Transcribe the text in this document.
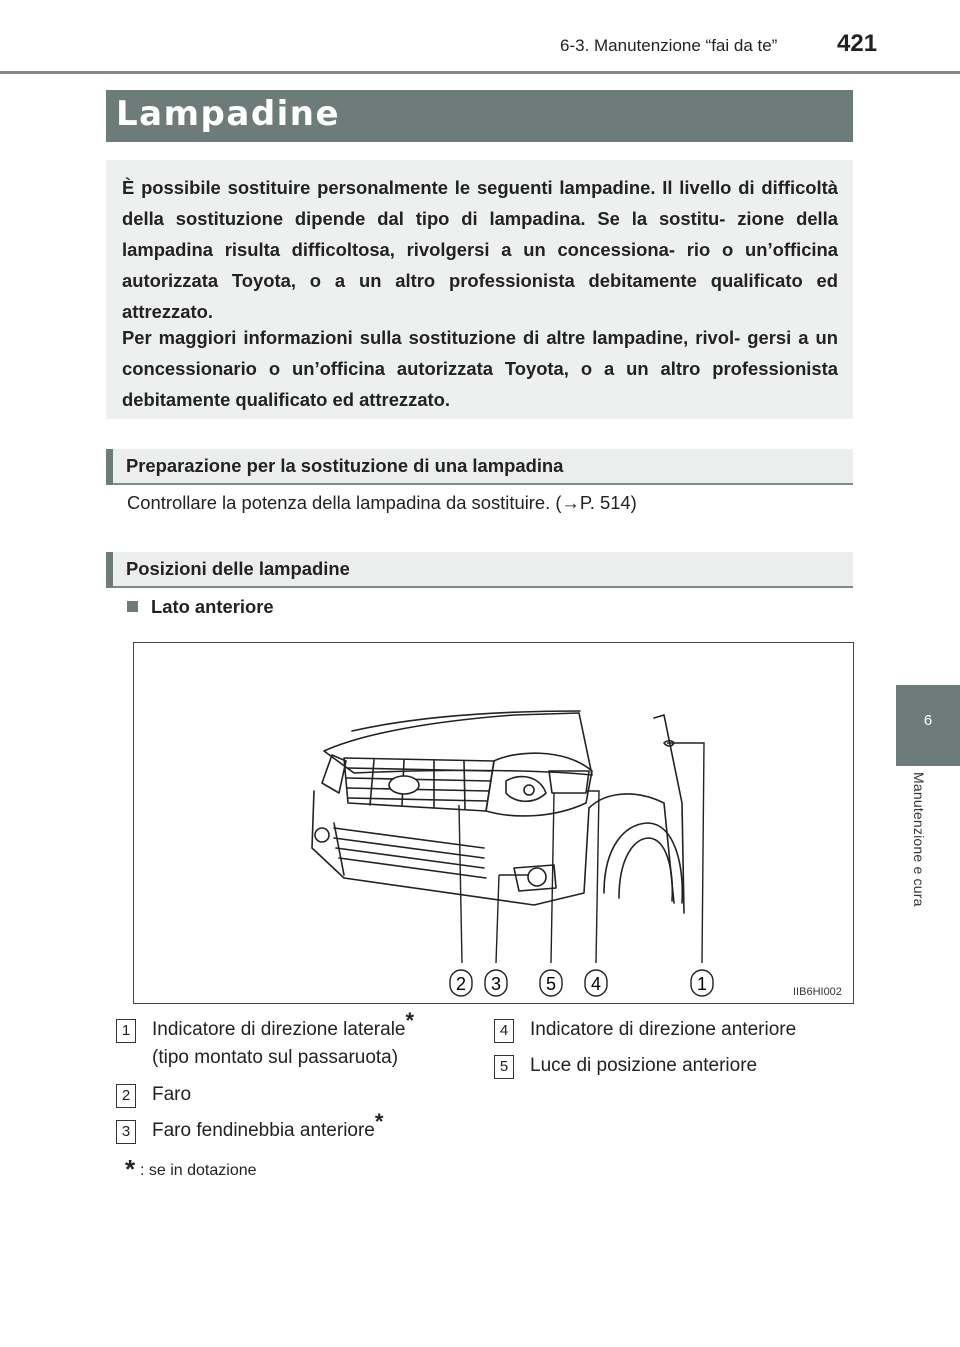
6-3. Manutenzione “fai da te” 421
6
Manutenzione e cura
Lampadine

È possibile sostituire personalmente le seguenti lampadine. Il livello di difficoltà della sostituzione dipende dal tipo di lampadina. Se la sostitu- zione della lampadina risulta difficoltosa, rivolgersi a un concessiona- rio o un’officina autorizzata Toyota, o a un altro professionista debitamente qualificato ed attrezzato.

Per maggiori informazioni sulla sostituzione di altre lampadine, rivol- gersi a un concessionario o un’officina autorizzata Toyota, o a un altro professionista debitamente qualificato ed attrezzato.

Preparazione per la sostituzione di una lampadina
Controllare la potenza della lampadina da sostituire. (→P. 514)
Posizioni delle lampadine
Lato anteriore
2 3 5 4	1	IIB6HI002
1	Indicatore di direzione laterale*
(tipo montato sul passaruota)
2	Faro
3	Faro fendinebbia anteriore*
4	Indicatore di direzione anteriore
5	Luce di posizione anteriore
* : se in dotazione
